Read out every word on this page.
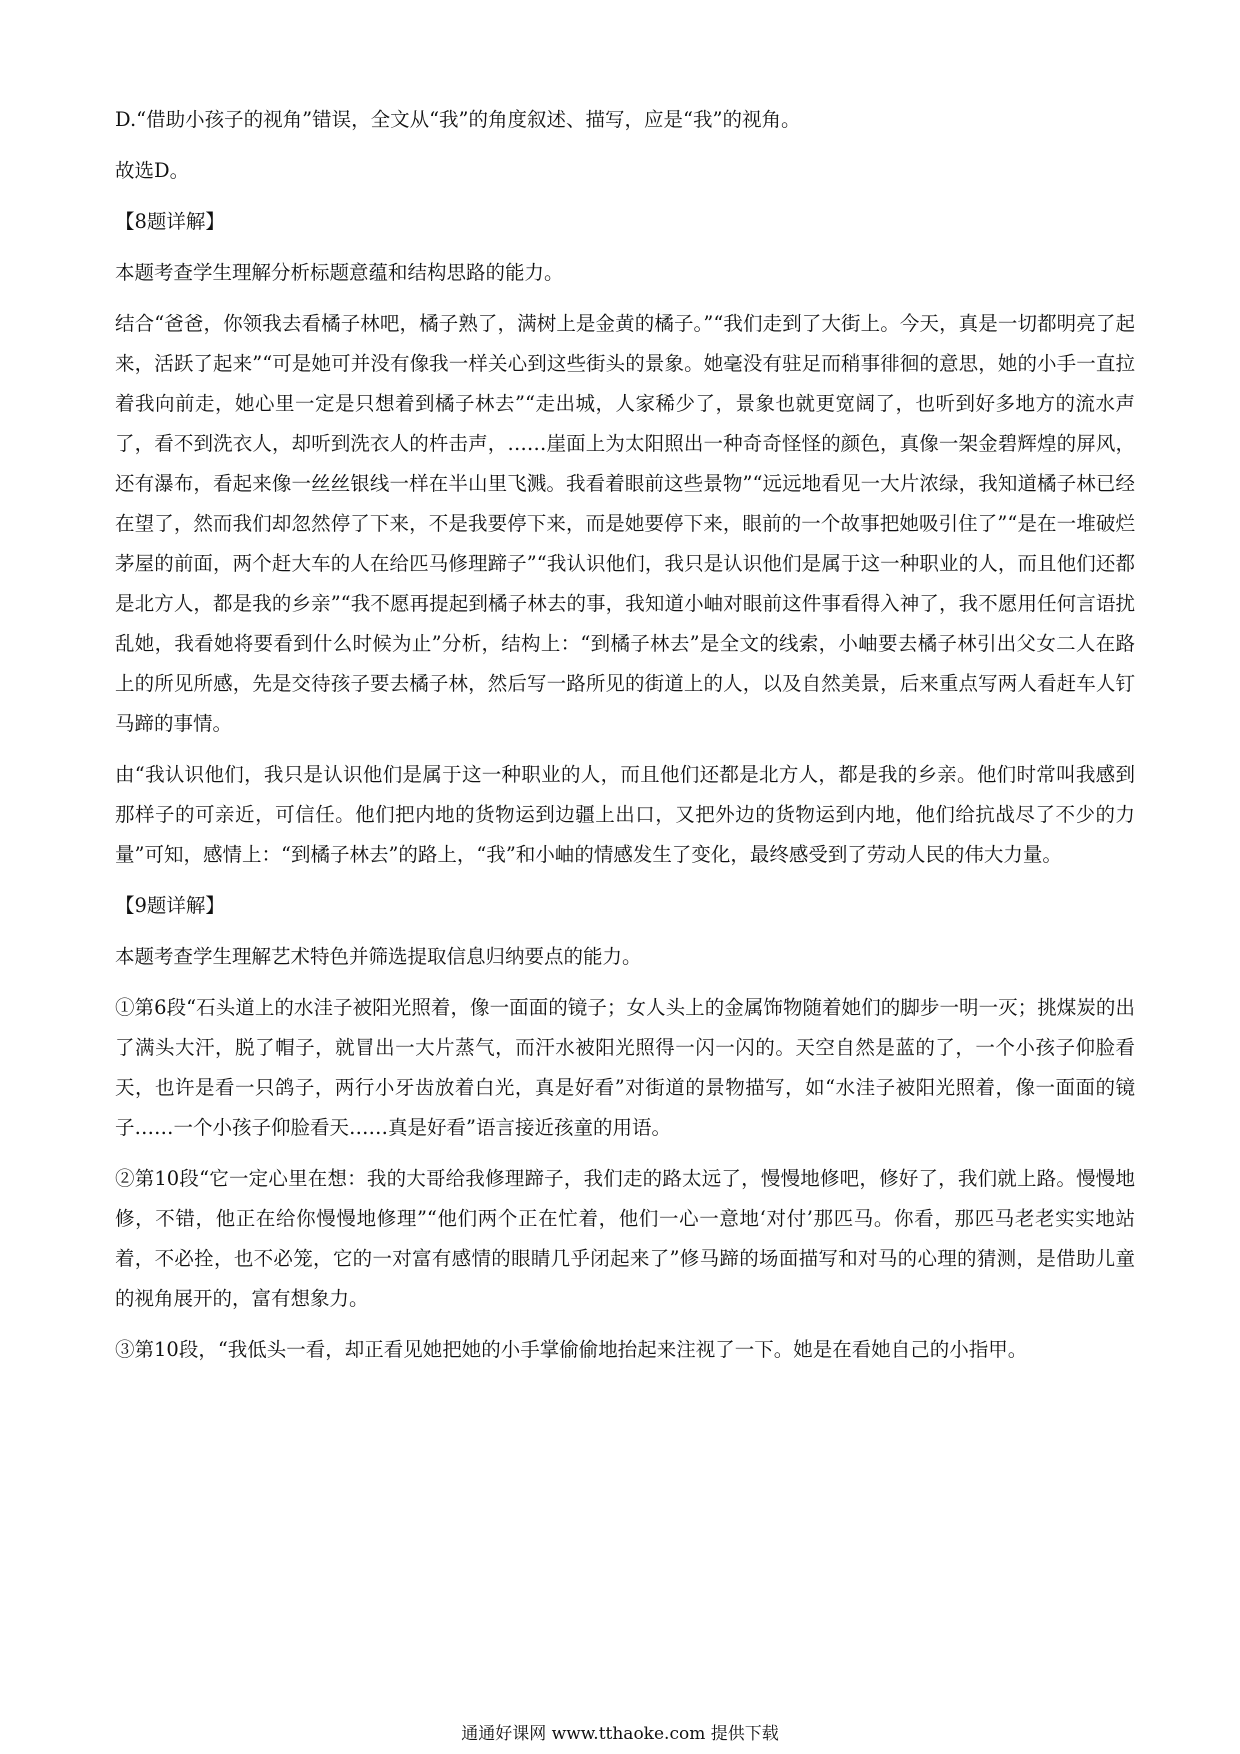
D.“借助小孩子的视角”错误，全文从“我”的角度叙述、描写，应是“我”的视角。

故选D。

【8题详解】

本题考查学生理解分析标题意蕴和结构思路的能力。

结合“爸爸，你领我去看橘子林吧，橘子熟了，满树上是金黄的橘子。”“我们走到了大街上。今天，真是一切都明亮了起来，活跃了起来”“可是她可并没有像我一样关心到这些街头的景象。她毫没有驻足而稍事徘徊的意思，她的小手一直拉着我向前走，她心里一定是只想着到橘子林去”“走出城，人家稀少了，景象也就更宽阔了，也听到好多地方的流水声了，看不到洗衣人，却听到洗衣人的杵击声，……崖面上为太阳照出一种奇奇怪怪的颜色，真像一架金碧辉煌的屏风，还有瀑布，看起来像一丝丝银线一样在半山里飞溅。我看着眼前这些景物”“远远地看见一大片浓绿，我知道橘子林已经在望了，然而我们却忽然停了下来，不是我要停下来，而是她要停下来，眼前的一个故事把她吸引住了”“是在一堆破烂茅屋的前面，两个赶大车的人在给匹马修理蹄子”“我认识他们，我只是认识他们是属于这一种职业的人，而且他们还都是北方人，都是我的乡亲”“我不愿再提起到橘子林去的事，我知道小岫对眼前这件事看得入神了，我不愿用任何言语扰乱她，我看她将要看到什么时候为止”分析，结构上：“到橘子林去”是全文的线索，小岫要去橘子林引出父女二人在路上的所见所感，先是交待孩子要去橘子林，然后写一路所见的街道上的人，以及自然美景，后来重点写两人看赶车人钉马蹄的事情。

由“我认识他们，我只是认识他们是属于这一种职业的人，而且他们还都是北方人，都是我的乡亲。他们时常叫我感到那样子的可亲近，可信任。他们把内地的货物运到边疆上出口，又把外边的货物运到内地，他们给抗战尽了不少的力量”可知，感情上：“到橘子林去”的路上，“我”和小岫的情感发生了变化，最终感受到了劳动人民的伟大力量。

【9题详解】

本题考查学生理解艺术特色并筛选提取信息归纳要点的能力。

①第6段“石头道上的水洼子被阳光照着，像一面面的镜子；女人头上的金属饰物随着她们的脚步一明一灭；挑煤炭的出了满头大汗，脱了帽子，就冒出一大片蒸气，而汗水被阳光照得一闪一闪的。天空自然是蓝的了，一个小孩子仰脸看天，也许是看一只鸽子，两行小牙齿放着白光，真是好看”对街道的景物描写，如“水洼子被阳光照着，像一面面的镜子……一个小孩子仰脸看天……真是好看”语言接近孩童的用语。

②第10段“它一定心里在想：我的大哥给我修理蹄子，我们走的路太远了，慢慢地修吧，修好了，我们就上路。慢慢地修，不错，他正在给你慢慢地修理”“他们两个正在忙着，他们一心一意地‘对付’那匹马。你看，那匹马老老实实地站着，不必拴，也不必笼，它的一对富有感情的眼睛几乎闭起来了”修马蹄的场面描写和对马的心理的猜测，是借助儿童的视角展开的，富有想象力。

③第10段，“我低头一看，却正看见她把她的小手掌偷偷地抬起来注视了一下。她是在看她自己的小指甲。

通通好课网 www.tthaoke.com 提供下载
